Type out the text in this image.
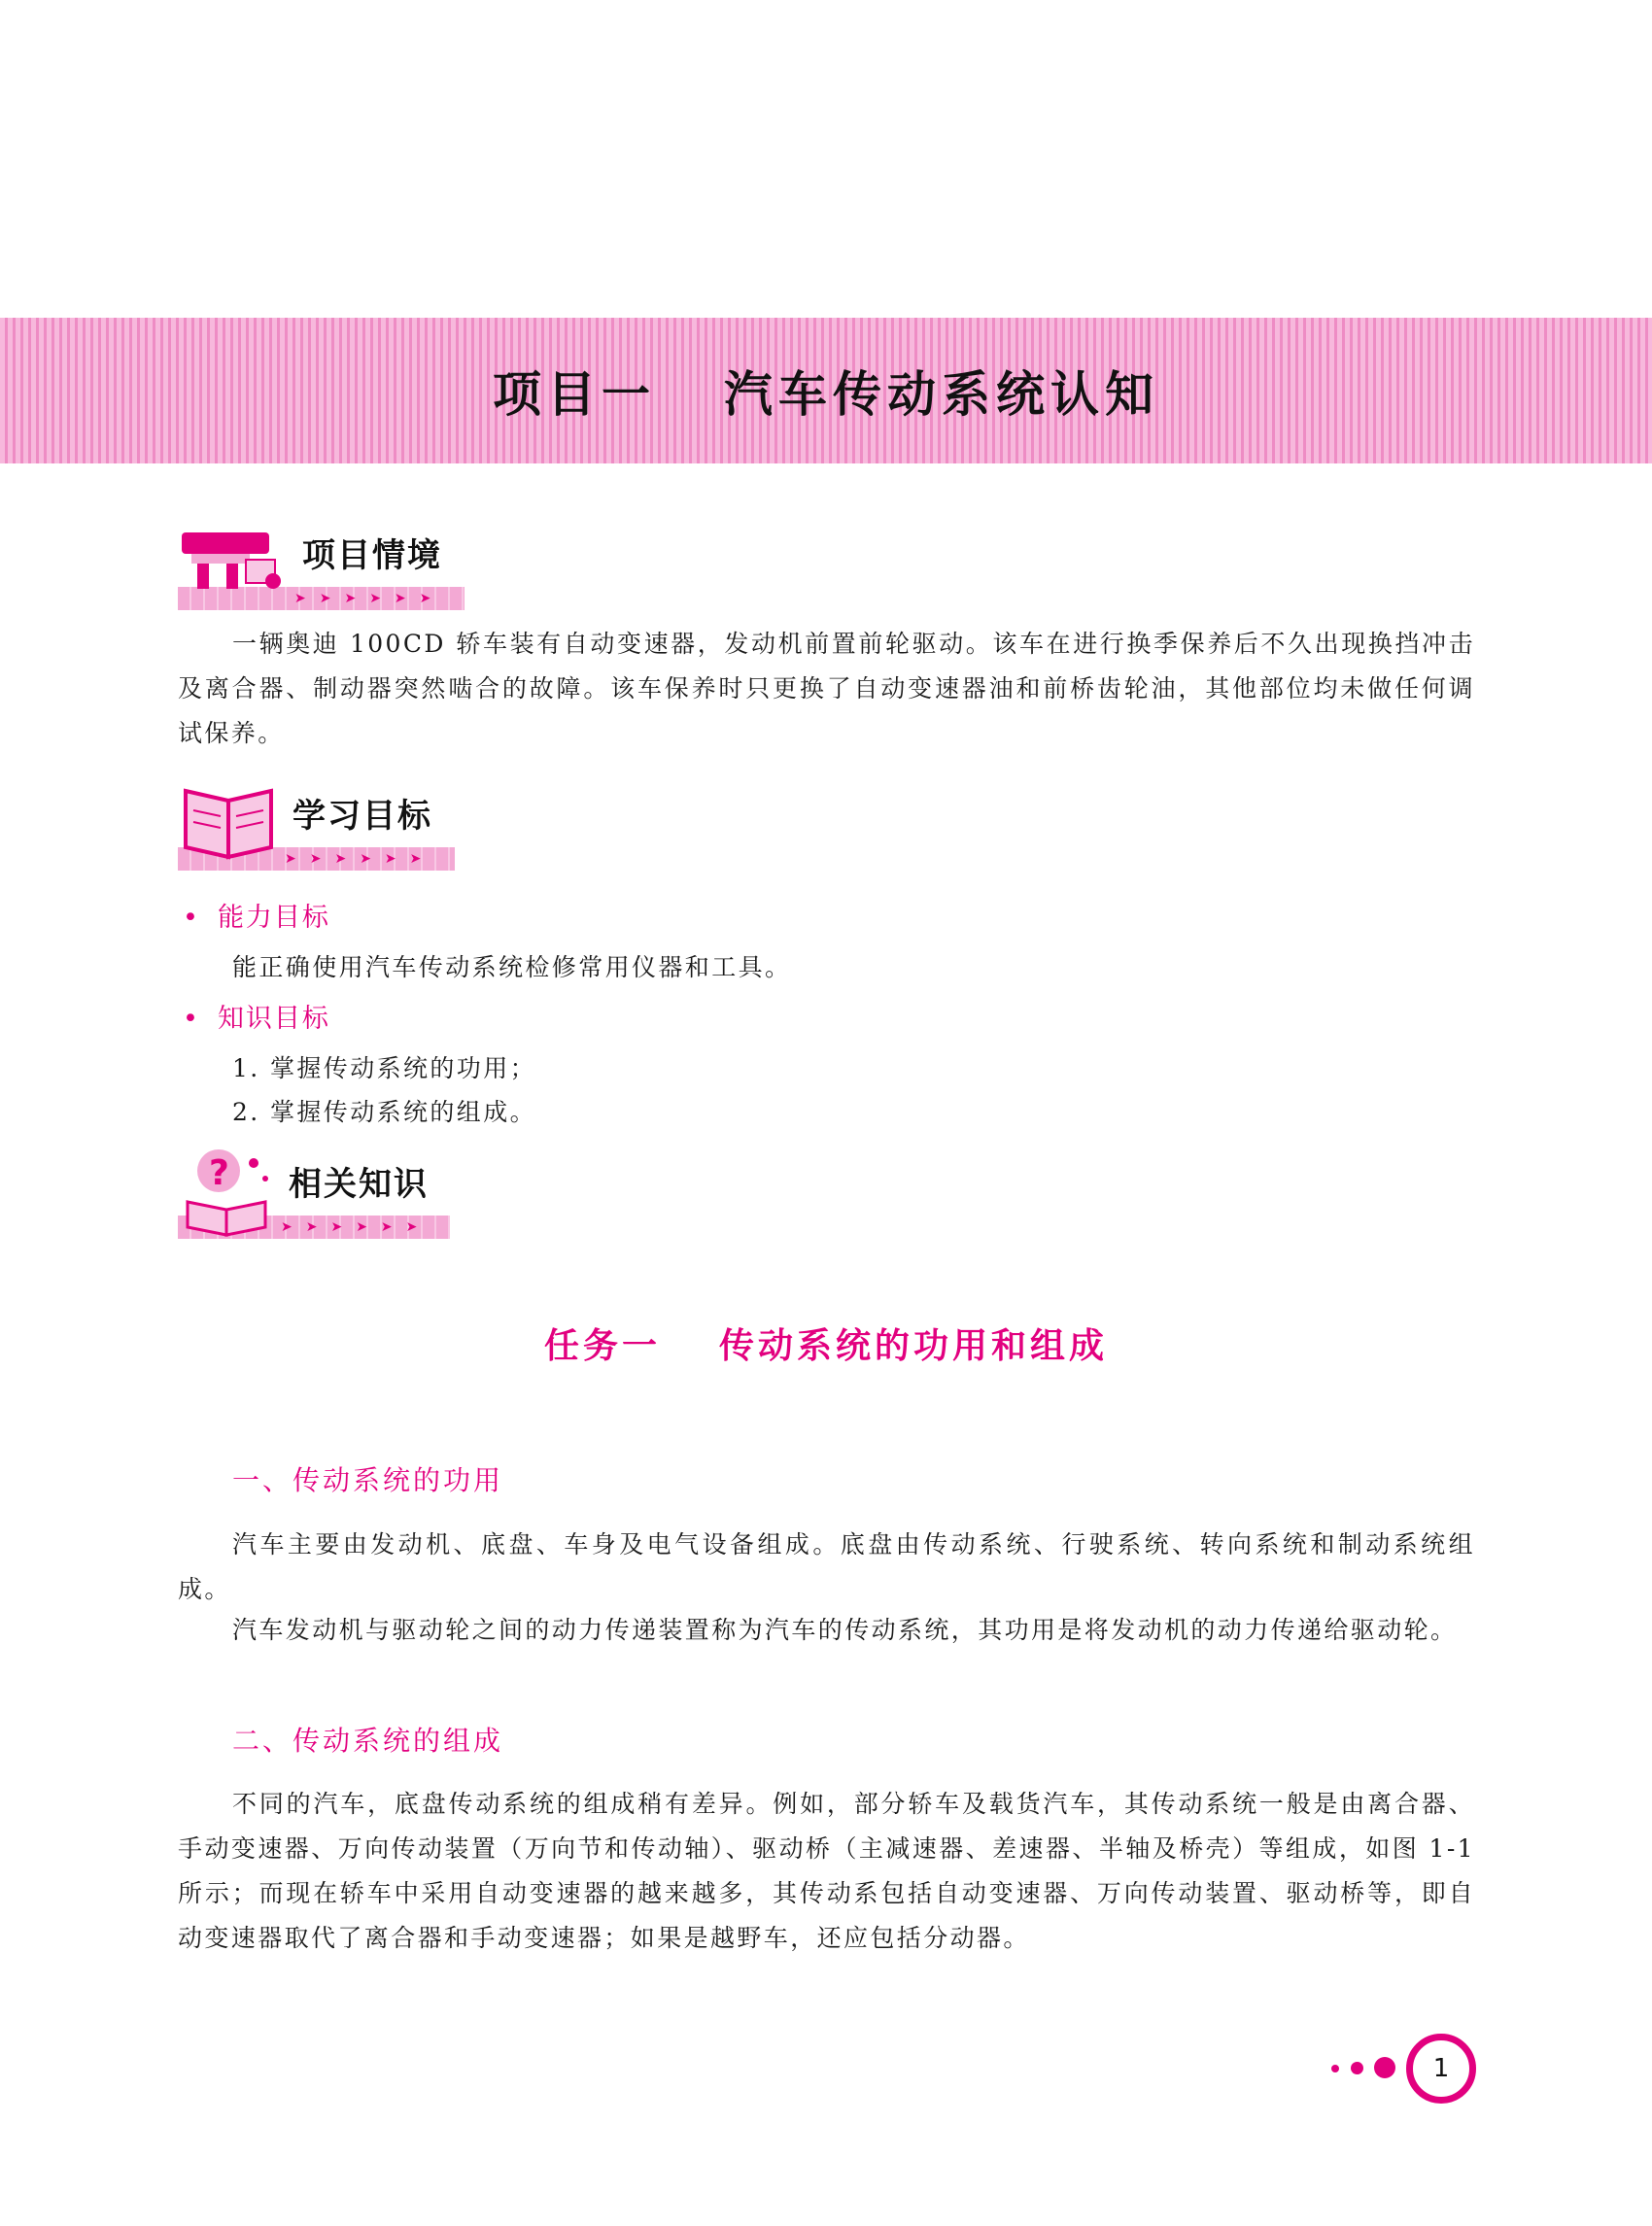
项目一 汽车传动系统认知
➤➤➤➤➤➤
项目情境

一辆奥迪 100CD 轿车装有自动变速器，发动机前置前轮驱动。该车在进行换季保养后不久出现换挡冲击及离合器、制动器突然啮合的故障。该车保养时只更换了自动变速器油和前桥齿轮油，其他部位均未做任何调试保养。

➤➤➤➤➤➤
学习目标
• 能力目标
能正确使用汽车传动系统检修常用仪器和工具。
• 知识目标
1. 掌握传动系统的功用；
2. 掌握传动系统的组成。
➤➤➤➤➤➤
? 相关知识
任务一 传动系统的功用和组成
一、传动系统的功用

汽车主要由发动机、底盘、车身及电气设备组成。底盘由传动系统、行驶系统、转向系统和制动系统组成。

汽车发动机与驱动轮之间的动力传递装置称为汽车的传动系统，其功用是将发动机的动力传递给驱动轮。

二、传动系统的组成

不同的汽车，底盘传动系统的组成稍有差异。例如，部分轿车及载货汽车，其传动系统一般是由离合器、手动变速器、万向传动装置（万向节和传动轴）、驱动桥（主减速器、差速器、半轴及桥壳）等组成，如图 1-1 所示；而现在轿车中采用自动变速器的越来越多，其传动系包括自动变速器、万向传动装置、驱动桥等，即自动变速器取代了离合器和手动变速器；如果是越野车，还应包括分动器。

1
